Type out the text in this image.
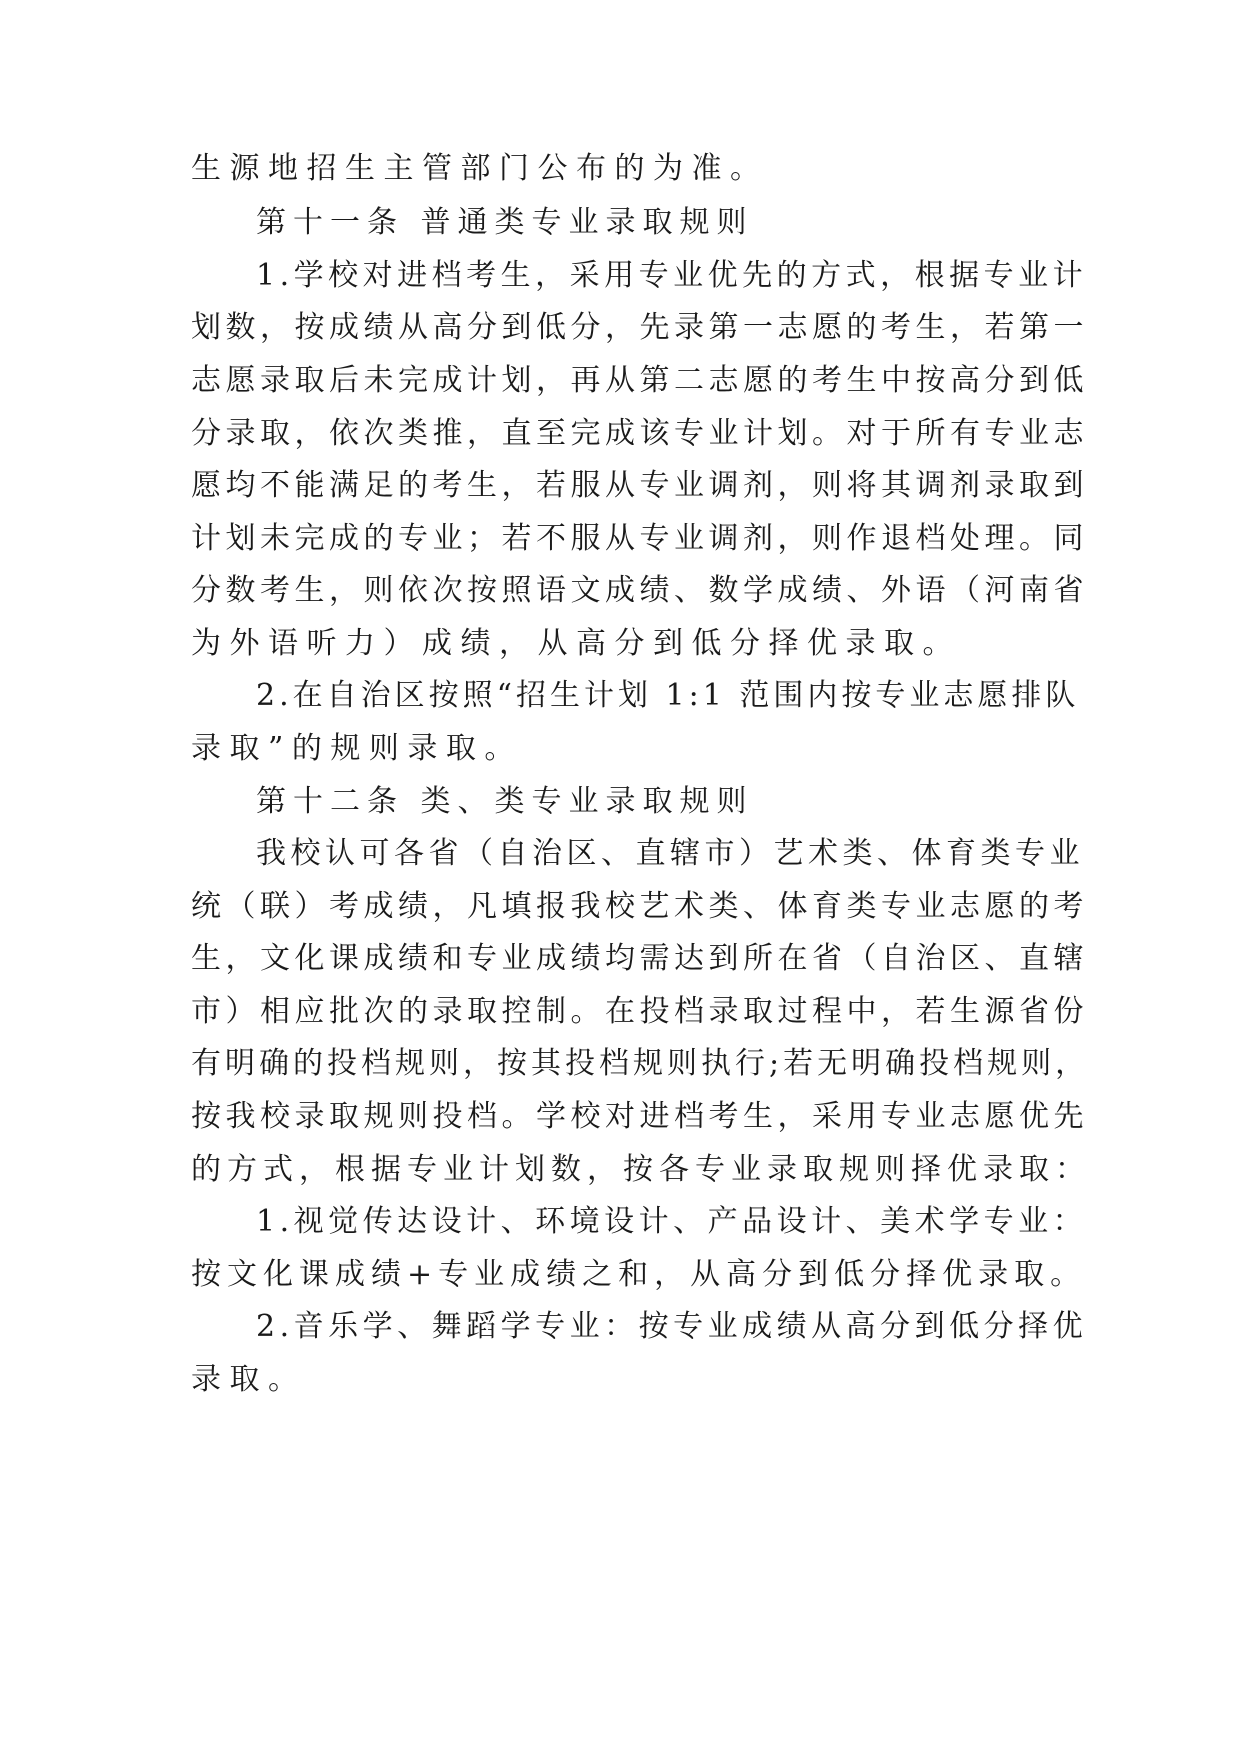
生源地招生主管部门公布的为准。

第十一条 普通类专业录取规则

1.学校对进档考生，采用专业优先的方式，根据专业计

划数，按成绩从高分到低分，先录第一志愿的考生，若第一

志愿录取后未完成计划，再从第二志愿的考生中按高分到低

分录取，依次类推，直至完成该专业计划。对于所有专业志

愿均不能满足的考生，若服从专业调剂，则将其调剂录取到

计划未完成的专业；若不服从专业调剂，则作退档处理。同

分数考生，则依次按照语文成绩、数学成绩、外语（河南省

为外语听力）成绩，从高分到低分择优录取。

2.在自治区按照“招生计划 1:1 范围内按专业志愿排队

录取”的规则录取。

第十二条 类、类专业录取规则

我校认可各省（自治区、直辖市）艺术类、体育类专业

统（联）考成绩，凡填报我校艺术类、体育类专业志愿的考

生，文化课成绩和专业成绩均需达到所在省（自治区、直辖

市）相应批次的录取控制。在投档录取过程中，若生源省份

有明确的投档规则，按其投档规则执行;若无明确投档规则，

按我校录取规则投档。学校对进档考生，采用专业志愿优先

的方式，根据专业计划数，按各专业录取规则择优录取：

1.视觉传达设计、环境设计、产品设计、美术学专业：

按文化课成绩+专业成绩之和，从高分到低分择优录取。

2.音乐学、舞蹈学专业：按专业成绩从高分到低分择优

录取。
